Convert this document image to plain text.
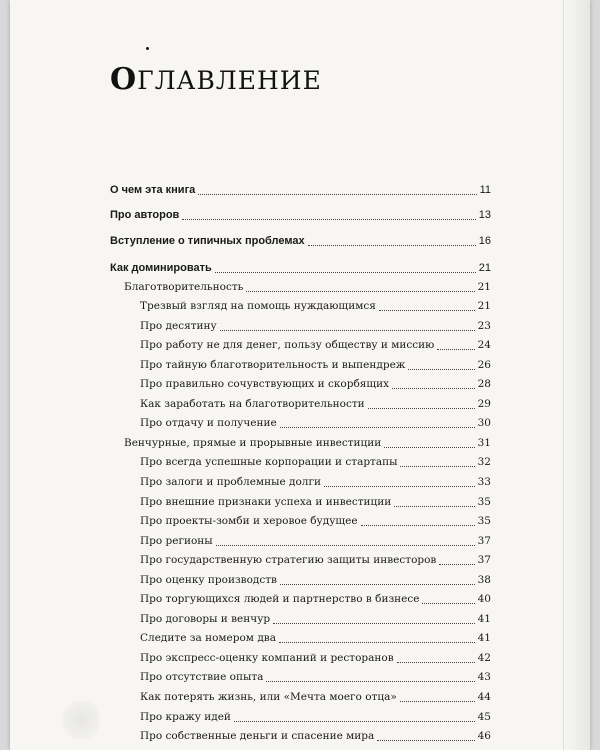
ОГЛАВЛЕНИЕ
О чем эта книга	11
Про авторов	13
Вступление о типичных проблемах	16
Как доминировать	21
Благотворительность	21
Трезвый взгляд на помощь нуждающимся	21
Про десятину	23
Про работу не для денег, пользу обществу и миссию	24
Про тайную благотворительность и выпендреж	26
Про правильно сочувствующих и скорбящих	28
Как заработать на благотворительности	29
Про отдачу и получение	30
Венчурные, прямые и прорывные инвестиции	31
Про всегда успешные корпорации и стартапы	32
Про залоги и проблемные долги	33
Про внешние признаки успеха и инвестиции	35
Про проекты-зомби и херовое будущее	35
Про регионы	37
Про государственную стратегию защиты инвесторов	37
Про оценку производств	38
Про торгующихся людей и партнерство в бизнесе	40
Про договоры и венчур	41
Следите за номером два	41
Про экспресс-оценку компаний и ресторанов	42
Про отсутствие опыта	43
Как потерять жизнь, или «Мечта моего отца»	44
Про кражу идей	45
Про собственные деньги и спасение мира	46
